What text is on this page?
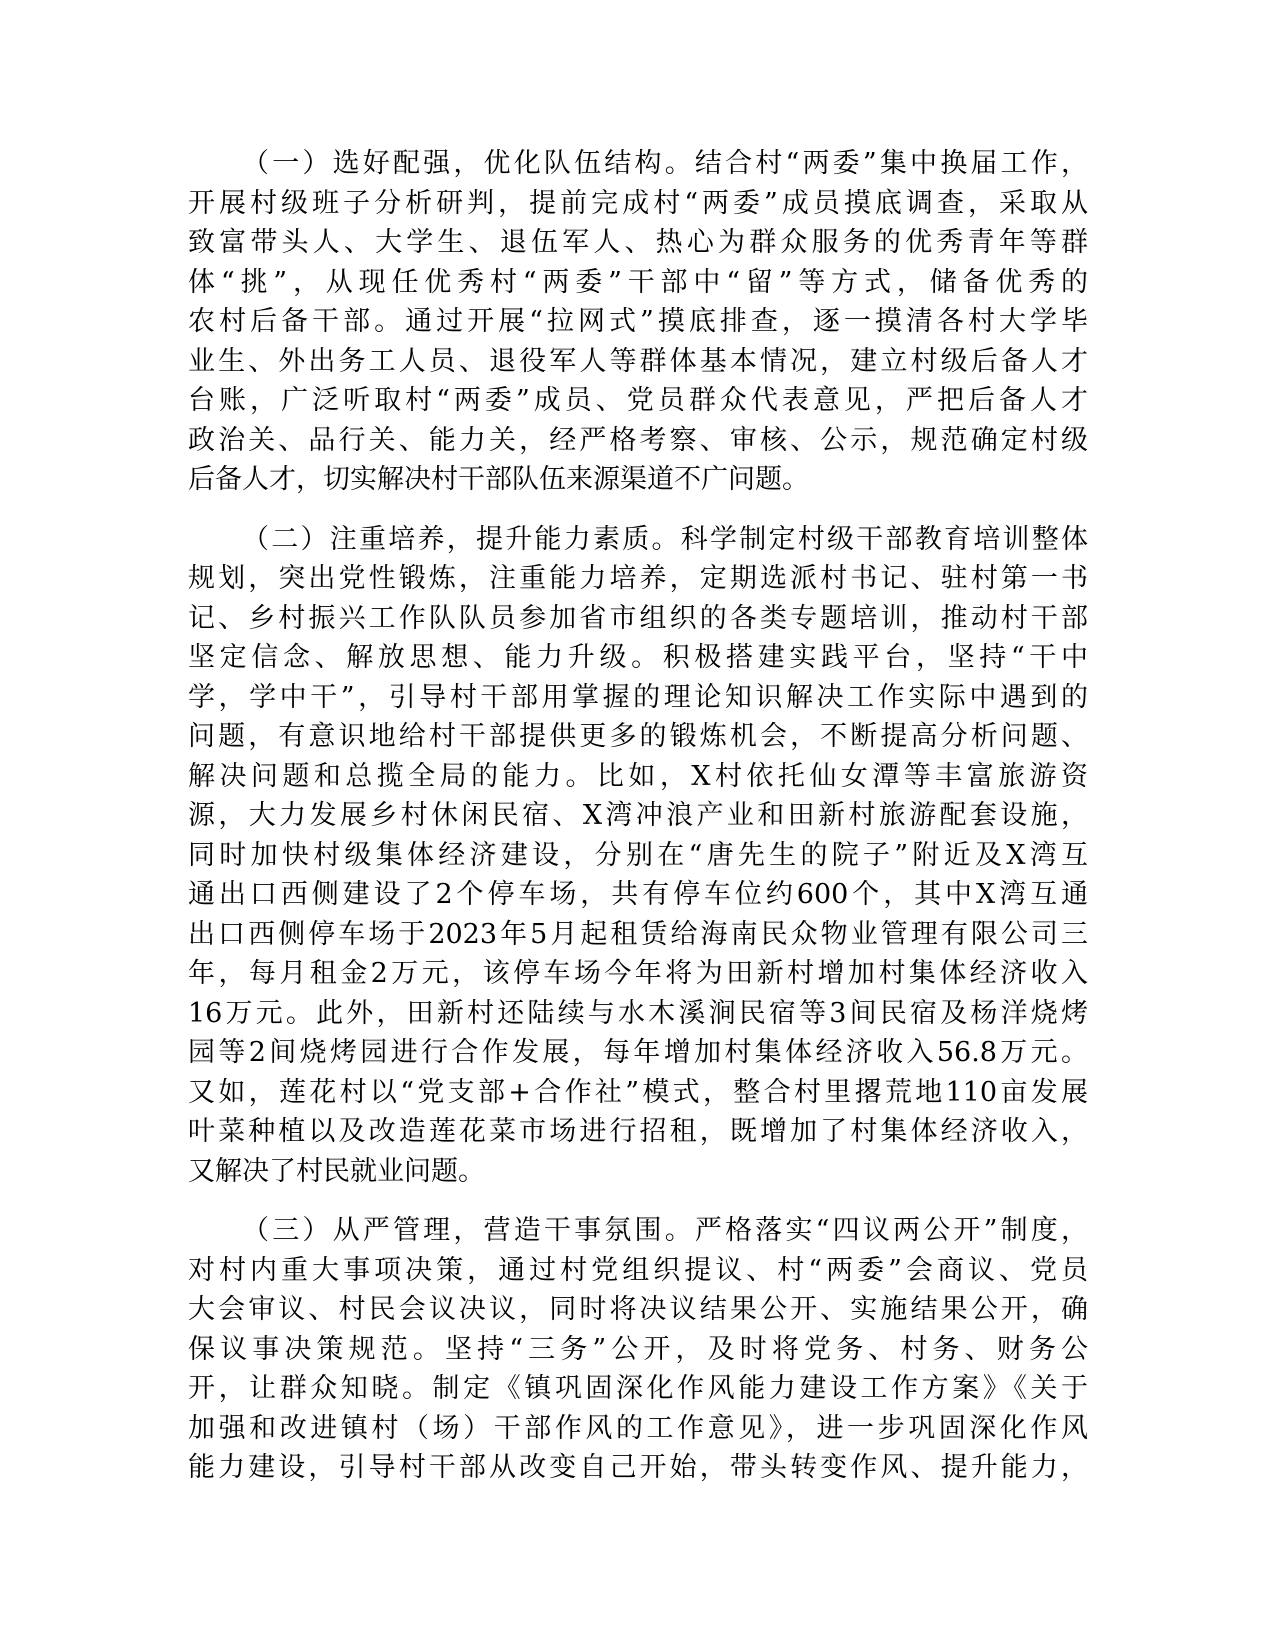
（一）选好配强，优化队伍结构。结合村“两委”集中换届工作，
开展村级班子分析研判，提前完成村“两委”成员摸底调查，采取从
致富带头人、大学生、退伍军人、热心为群众服务的优秀青年等群
体“挑”，从现任优秀村“两委”干部中“留”等方式，储备优秀的
农村后备干部。通过开展“拉网式”摸底排查，逐一摸清各村大学毕
业生、外出务工人员、退役军人等群体基本情况，建立村级后备人才
台账，广泛听取村“两委”成员、党员群众代表意见，严把后备人才
政治关、品行关、能力关，经严格考察、审核、公示，规范确定村级
后备人才，切实解决村干部队伍来源渠道不广问题。
（二）注重培养，提升能力素质。科学制定村级干部教育培训整体
规划，突出党性锻炼，注重能力培养，定期选派村书记、驻村第一书
记、乡村振兴工作队队员参加省市组织的各类专题培训，推动村干部
坚定信念、解放思想、能力升级。积极搭建实践平台，坚持“干中
学，学中干”，引导村干部用掌握的理论知识解决工作实际中遇到的
问题，有意识地给村干部提供更多的锻炼机会，不断提高分析问题、
解决问题和总揽全局的能力。比如，X村依托仙女潭等丰富旅游资
源，大力发展乡村休闲民宿、X湾冲浪产业和田新村旅游配套设施，
同时加快村级集体经济建设，分别在“唐先生的院子”附近及X湾互
通出口西侧建设了2个停车场，共有停车位约600个，其中X湾互通
出口西侧停车场于2023年5月起租赁给海南民众物业管理有限公司三
年，每月租金2万元，该停车场今年将为田新村增加村集体经济收入
16万元。此外，田新村还陆续与水木溪涧民宿等3间民宿及杨洋烧烤
园等2间烧烤园进行合作发展，每年增加村集体经济收入56.8万元。
又如，莲花村以“党支部+合作社”模式，整合村里撂荒地110亩发展
叶菜种植以及改造莲花菜市场进行招租，既增加了村集体经济收入，
又解决了村民就业问题。
（三）从严管理，营造干事氛围。严格落实“四议两公开”制度，
对村内重大事项决策，通过村党组织提议、村“两委”会商议、党员
大会审议、村民会议决议，同时将决议结果公开、实施结果公开，确
保议事决策规范。坚持“三务”公开，及时将党务、村务、财务公
开，让群众知晓。制定《镇巩固深化作风能力建设工作方案》《关于
加强和改进镇村（场）干部作风的工作意见》，进一步巩固深化作风
能力建设，引导村干部从改变自己开始，带头转变作风、提升能力，
